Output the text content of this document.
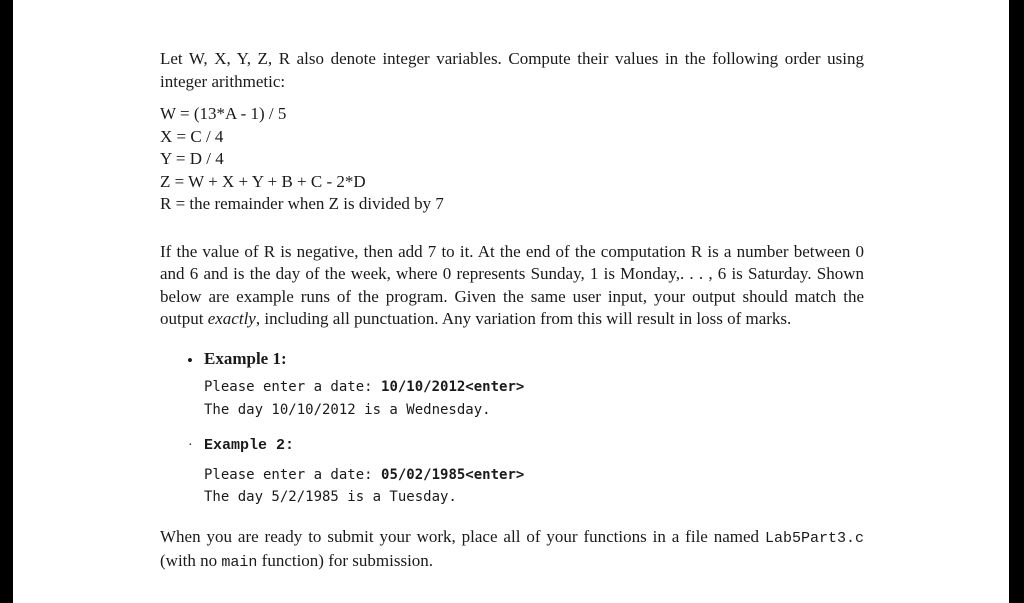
Let W, X, Y, Z, R also denote integer variables. Compute their values in the following order using integer arithmetic:

W = (13*A - 1) / 5
X = C / 4
Y = D / 4
Z = W + X + Y + B + C - 2*D
R = the remainder when Z is divided by 7

If the value of R is negative, then add 7 to it. At the end of the computation R is a number between 0 and 6 and is the day of the week, where 0 represents Sunday, 1 is Monday,. . . , 6 is Saturday. Shown below are example runs of the program. Given the same user input, your output should match the output exactly, including all punctuation. Any variation from this will result in loss of marks.

• Example 1:
Please enter a date: 10/10/2012<enter>
The day 10/10/2012 is a Wednesday.
· Example 2:
Please enter a date: 05/02/1985<enter>
The day 5/2/1985 is a Tuesday.

When you are ready to submit your work, place all of your functions in a file named Lab5Part3.c (with no main function) for submission.
